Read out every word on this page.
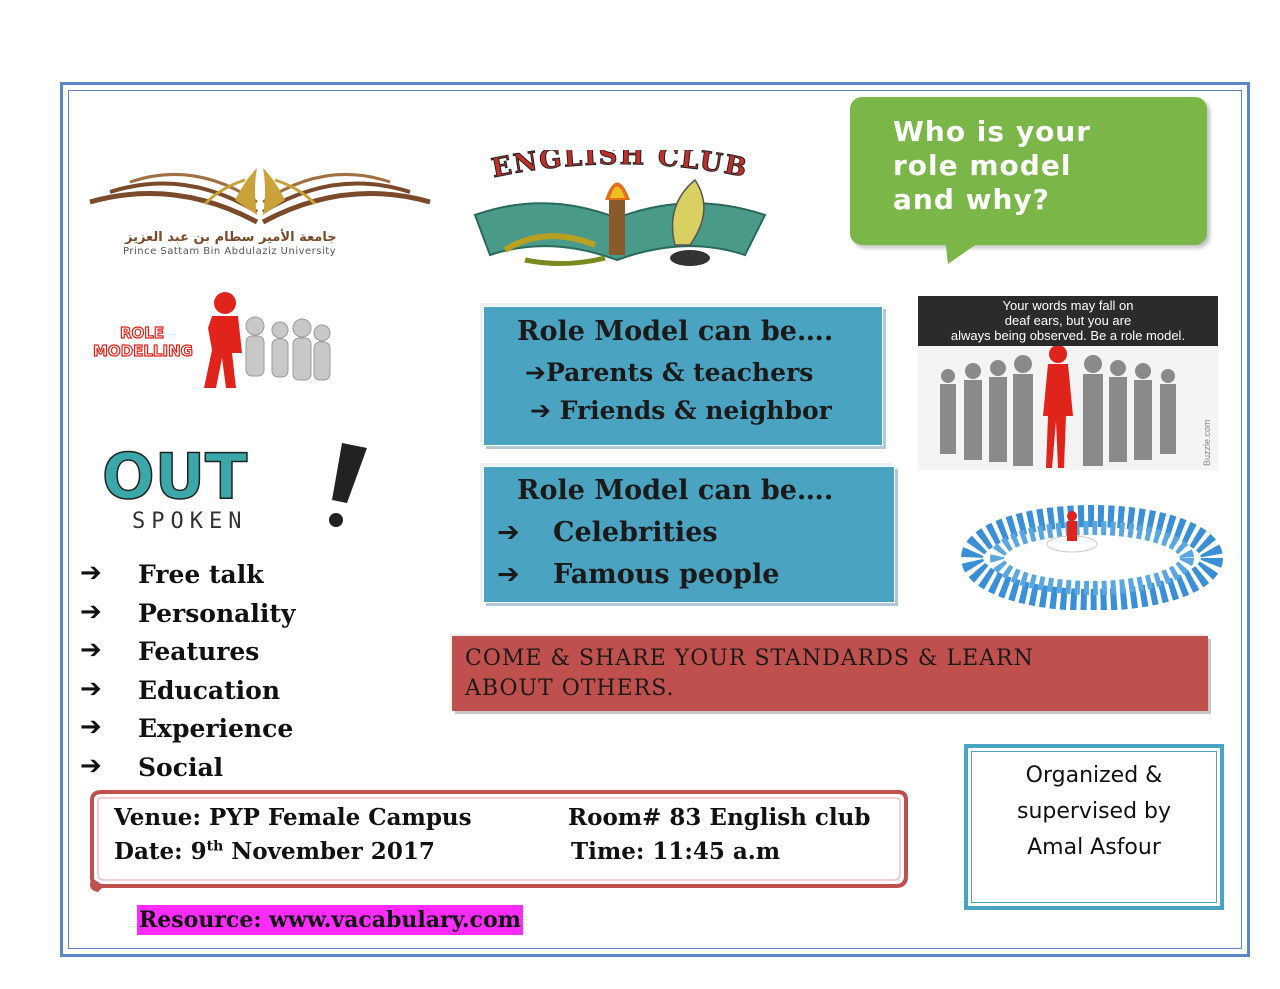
جامعة الأمير سطام بن عبد العزيز
Prince Sattam Bin Abdulaziz University
ENGLISH CLUB
Who is your
role model
and why?
ROLE
MODELLING
OUT
SPOKEN
Role Model can be….
➔Parents & teachers
➔ Friends & neighbor
Role Model can be….
➔ Celebrities
➔ Famous people
Your words may fall on
deaf ears, but you are
always being observed. Be a role model.
Buzzle.com
COME & SHARE YOUR STANDARDS & LEARN
ABOUT OTHERS.
➔ Free talk
➔ Personality
➔ Features
➔ Education
➔ Experience
➔ Social	Organized &
supervised by
Amal Asfour
Venue: PYP Female Campus	Room# 83 English club
Date: 9th November 2017	Time: 11:45 a.m
Resource: www.vacabulary.com
